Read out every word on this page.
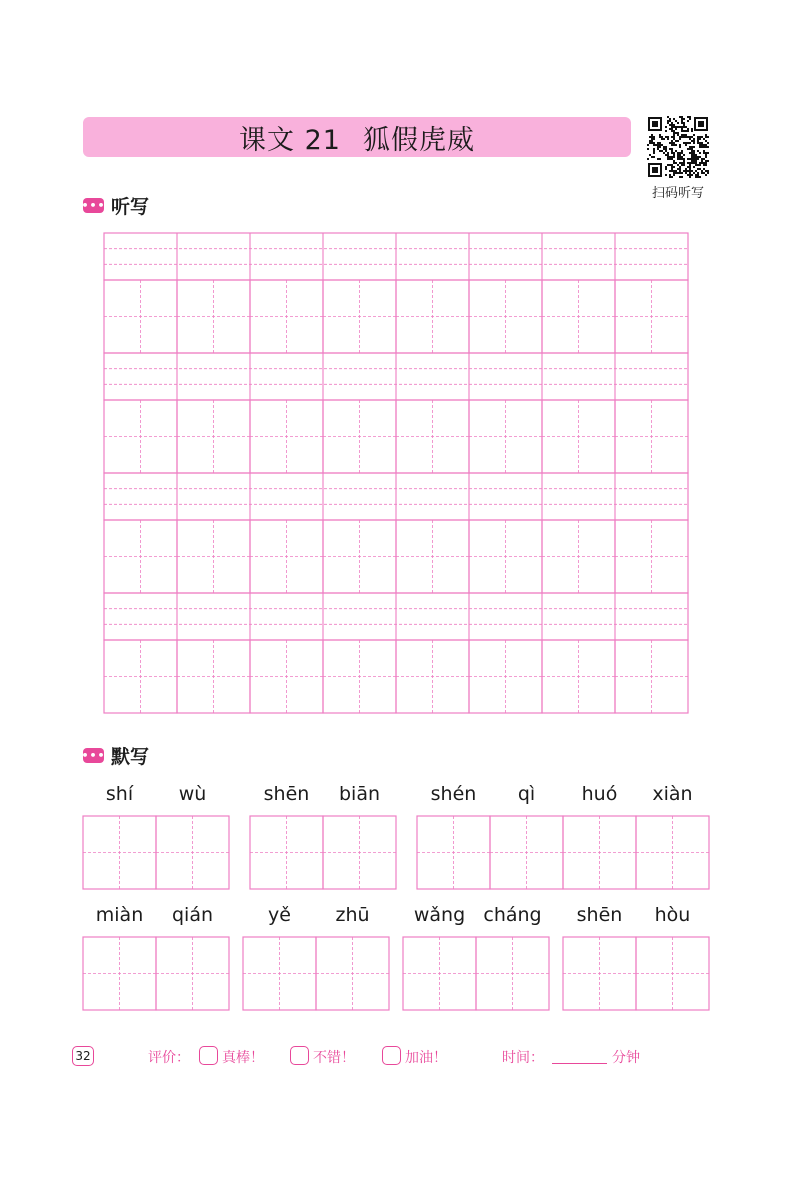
课文 21 狐假虎威
扫码听写
••• 听写
••• 默写
shí wù	shēn biān	shén qì huó xiàn
miàn qián	yě zhū wǎng cháng shēn hòu
32	评价： 真棒！	不错！	加油！	时间：	分钟
